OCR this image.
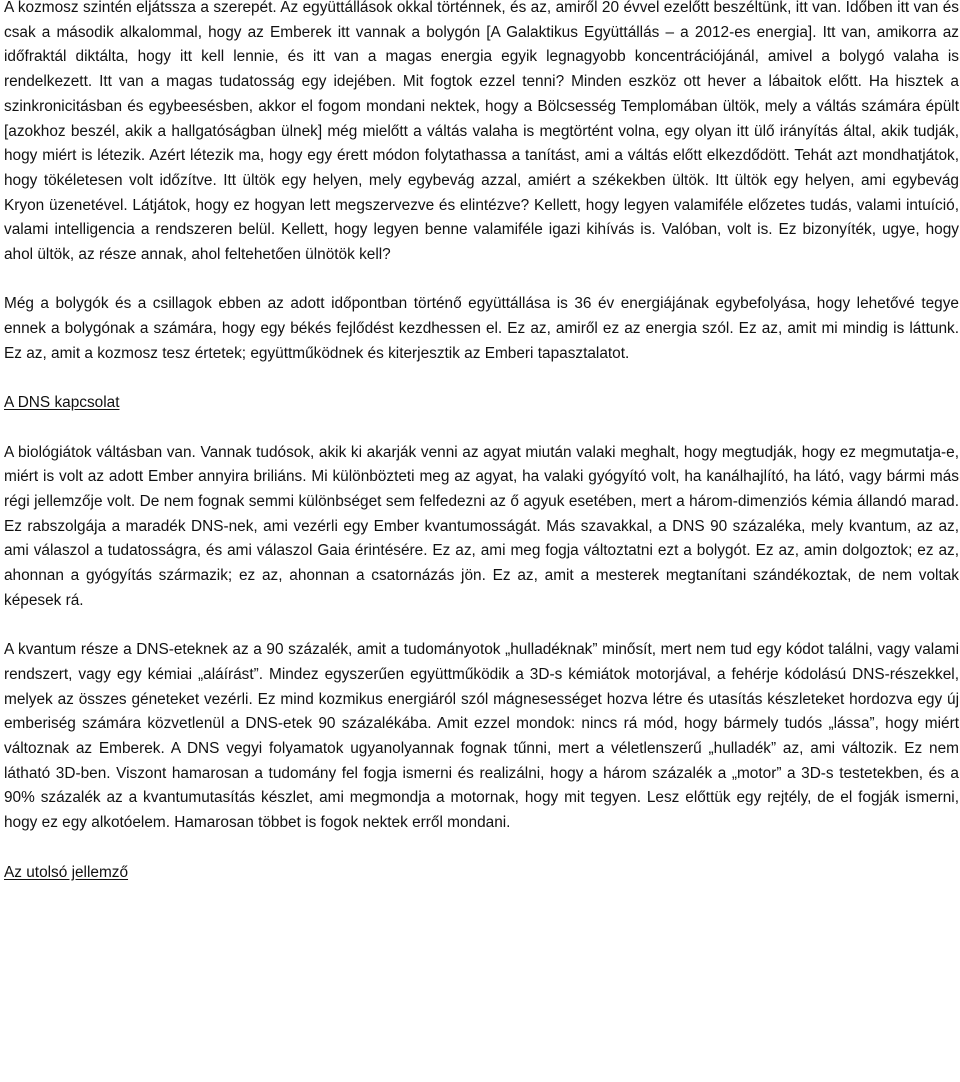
A kozmosz szintén eljátssza a szerepét. Az együttállások okkal történnek, és az, amiről 20 évvel ezelőtt beszéltünk, itt van. Időben itt van és csak a második alkalommal, hogy az Emberek itt vannak a bolygón [A Galaktikus Együttállás – a 2012-es energia]. Itt van, amikorra az időfraktál diktálta, hogy itt kell lennie, és itt van a magas energia egyik legnagyobb koncentrációjánál, amivel a bolygó valaha is rendelkezett. Itt van a magas tudatosság egy idejében. Mit fogtok ezzel tenni? Minden eszköz ott hever a lábaitok előtt. Ha hisztek a szinkronicitásban és egybeesésben, akkor el fogom mondani nektek, hogy a Bölcsesség Templomában ültök, mely a váltás számára épült [azokhoz beszél, akik a hallgatóságban ülnek] még mielőtt a váltás valaha is megtörtént volna, egy olyan itt ülő irányítás által, akik tudják, hogy miért is létezik. Azért létezik ma, hogy egy érett módon folytathassa a tanítást, ami a váltás előtt elkezdődött. Tehát azt mondhatjátok, hogy tökéletesen volt időzítve. Itt ültök egy helyen, mely egybevág azzal, amiért a székekben ültök. Itt ültök egy helyen, ami egybevág Kryon üzenetével. Látjátok, hogy ez hogyan lett megszervezve és elintézve? Kellett, hogy legyen valamiféle előzetes tudás, valami intuíció, valami intelligencia a rendszeren belül. Kellett, hogy legyen benne valamiféle igazi kihívás is. Valóban, volt is. Ez bizonyíték, ugye, hogy ahol ültök, az része annak, ahol feltehetően ülnötök kell?

Még a bolygók és a csillagok ebben az adott időpontban történő együttállása is 36 év energiájának egybefolyása, hogy lehetővé tegye ennek a bolygónak a számára, hogy egy békés fejlődést kezdhessen el. Ez az, amiről ez az energia szól. Ez az, amit mi mindig is láttunk. Ez az, amit a kozmosz tesz értetek; együttműködnek és kiterjesztik az Emberi tapasztalatot.

A DNS kapcsolat

A biológiátok váltásban van. Vannak tudósok, akik ki akarják venni az agyat miután valaki meghalt, hogy megtudják, hogy ez megmutatja-e, miért is volt az adott Ember annyira briliáns. Mi különbözteti meg az agyat, ha valaki gyógyító volt, ha kanálhajlító, ha látó, vagy bármi más régi jellemzője volt. De nem fognak semmi különbséget sem felfedezni az ő agyuk esetében, mert a három-dimenziós kémia állandó marad. Ez rabszolgája a maradék DNS-nek, ami vezérli egy Ember kvantumosságát. Más szavakkal, a DNS 90 százaléka, mely kvantum, az az, ami válaszol a tudatosságra, és ami válaszol Gaia érintésére. Ez az, ami meg fogja változtatni ezt a bolygót. Ez az, amin dolgoztok; ez az, ahonnan a gyógyítás származik; ez az, ahonnan a csatornázás jön. Ez az, amit a mesterek megtanítani szándékoztak, de nem voltak képesek rá.

A kvantum része a DNS-eteknek az a 90 százalék, amit a tudományotok „hulladéknak” minősít, mert nem tud egy kódot találni, vagy valami rendszert, vagy egy kémiai „aláírást”. Mindez egyszerűen együttműködik a 3D-s kémiátok motorjával, a fehérje kódolású DNS-részekkel, melyek az összes géneteket vezérli. Ez mind kozmikus energiáról szól mágnesességet hozva létre és utasítás készleteket hordozva egy új emberiség számára közvetlenül a DNS-etek 90 százalékába. Amit ezzel mondok: nincs rá mód, hogy bármely tudós „lássa”, hogy miért változnak az Emberek. A DNS vegyi folyamatok ugyanolyannak fognak tűnni, mert a véletlenszerű „hulladék” az, ami változik. Ez nem látható 3D-ben. Viszont hamarosan a tudomány fel fogja ismerni és realizálni, hogy a három százalék a „motor” a 3D-s testetekben, és a 90% százalék az a kvantumutasítás készlet, ami megmondja a motornak, hogy mit tegyen. Lesz előttük egy rejtély, de el fogják ismerni, hogy ez egy alkotóelem. Hamarosan többet is fogok nektek erről mondani.

Az utolsó jellemző
